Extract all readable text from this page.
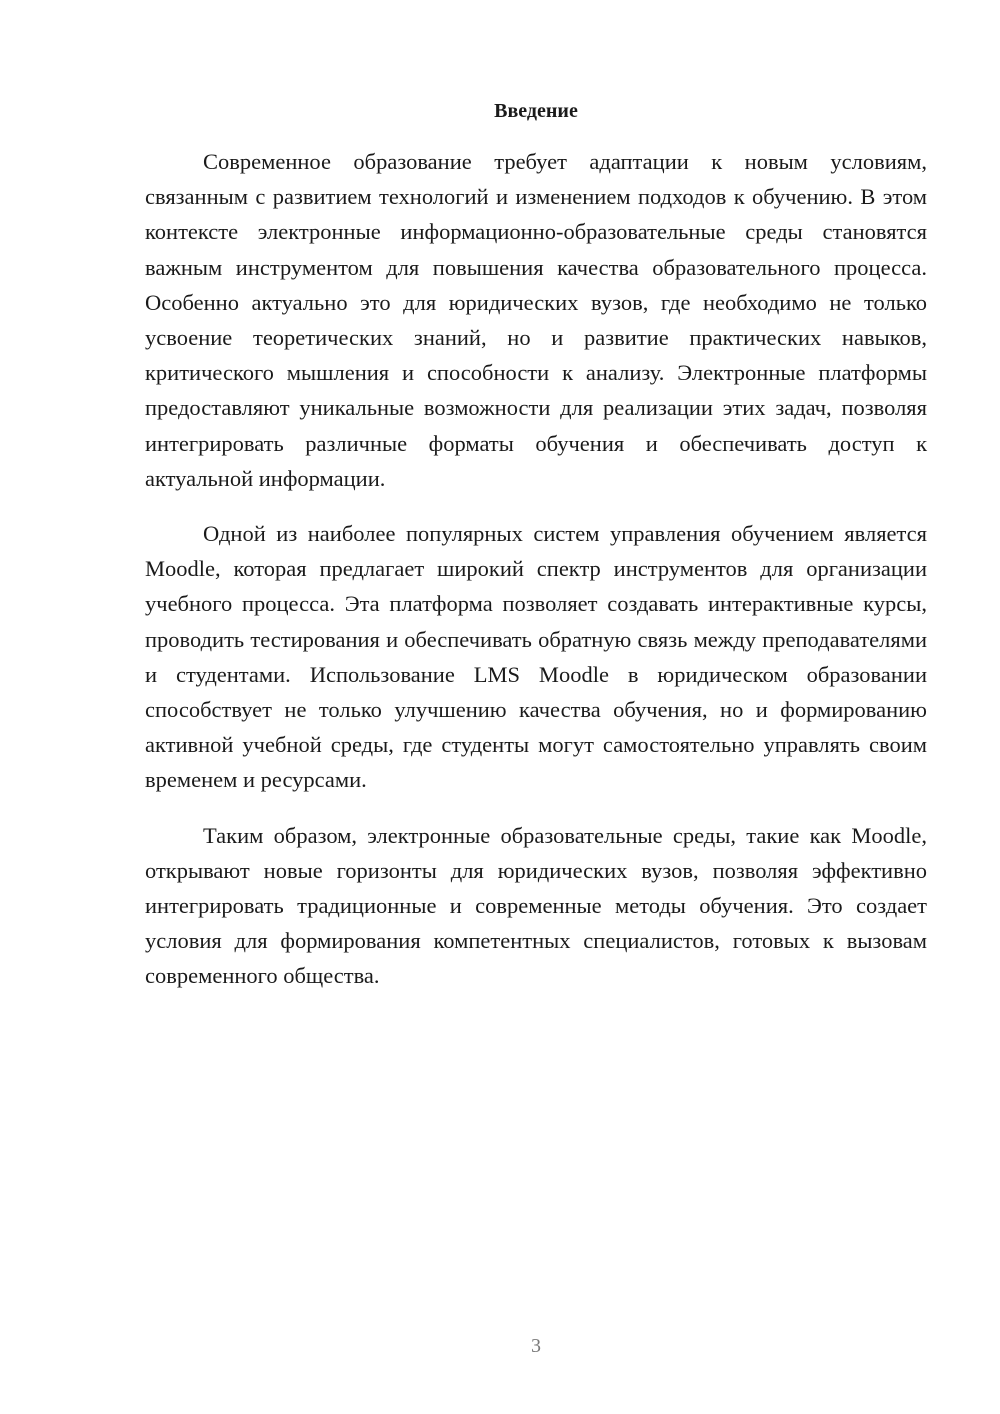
Введение

Современное образование требует адаптации к новым условиям, связанным с развитием технологий и изменением подходов к обучению. В этом контексте электронные информационно-образовательные среды становятся важным инструментом для повышения качества образовательного процесса. Особенно актуально это для юридических вузов, где необходимо не только усвоение теоретических знаний, но и развитие практических навыков, критического мышления и способности к анализу. Электронные платформы предоставляют уникальные возможности для реализации этих задач, позволяя интегрировать различные форматы обучения и обеспечивать доступ к актуальной информации.

Одной из наиболее популярных систем управления обучением является Moodle, которая предлагает широкий спектр инструментов для организации учебного процесса. Эта платформа позволяет создавать интерактивные курсы, проводить тестирования и обеспечивать обратную связь между преподавателями и студентами. Использование LMS Moodle в юридическом образовании способствует не только улучшению качества обучения, но и формированию активной учебной среды, где студенты могут самостоятельно управлять своим временем и ресурсами.

Таким образом, электронные образовательные среды, такие как Moodle, открывают новые горизонты для юридических вузов, позволяя эффективно интегрировать традиционные и современные методы обучения. Это создает условия для формирования компетентных специалистов, готовых к вызовам современного общества.

3
